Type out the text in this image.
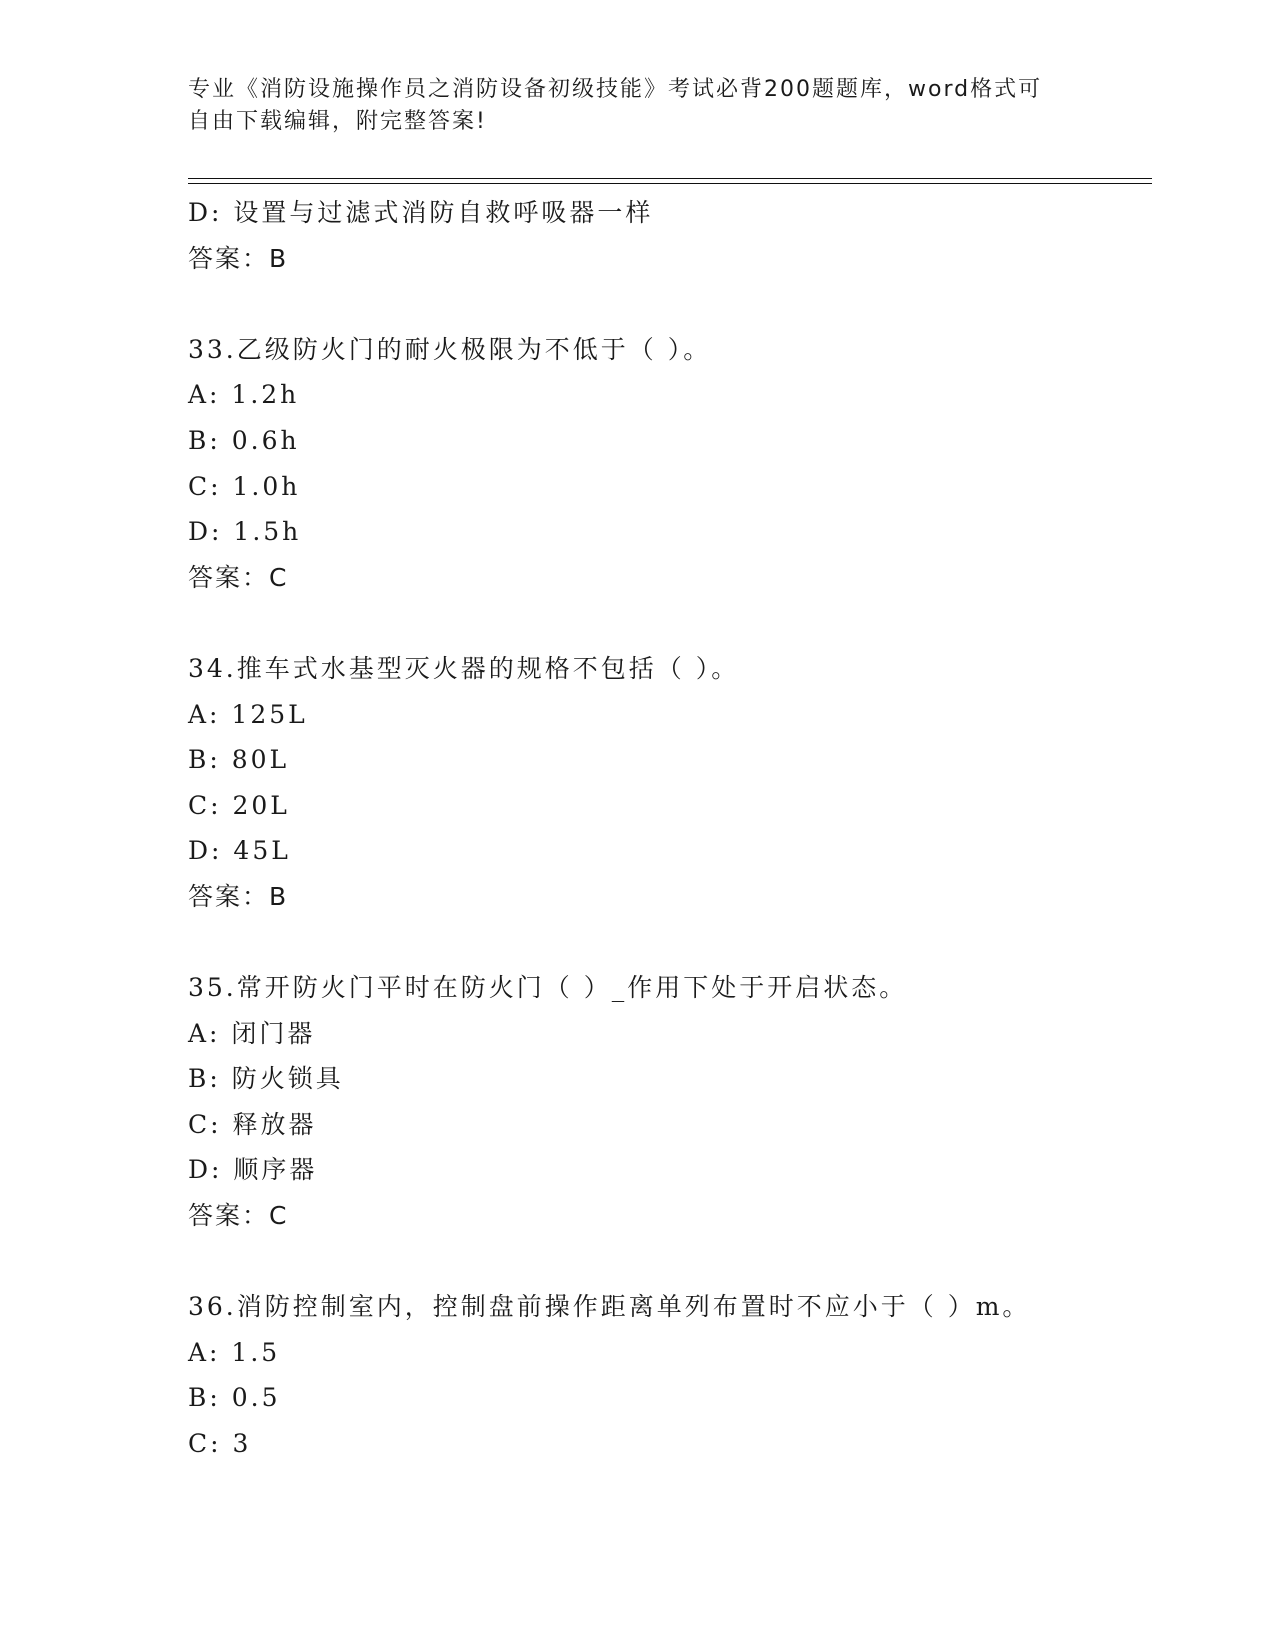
专业《消防设施操作员之消防设备初级技能》考试必背200题题库，word格式可
自由下载编辑，附完整答案!
D: 设置与过滤式消防自救呼吸器一样
答案：B
33.乙级防火门的耐火极限为不低于（ ）。
A: 1.2h
B: 0.6h
C: 1.0h
D: 1.5h
答案：C
34.推车式水基型灭火器的规格不包括（ ）。
A: 125L
B: 80L
C: 20L
D: 45L
答案：B
35.常开防火门平时在防火门（ ）_作用下处于开启状态。
A: 闭门器
B: 防火锁具
C: 释放器
D: 顺序器
答案：C
36.消防控制室内，控制盘前操作距离单列布置时不应小于（ ）m。
A: 1.5
B: 0.5
C: 3
